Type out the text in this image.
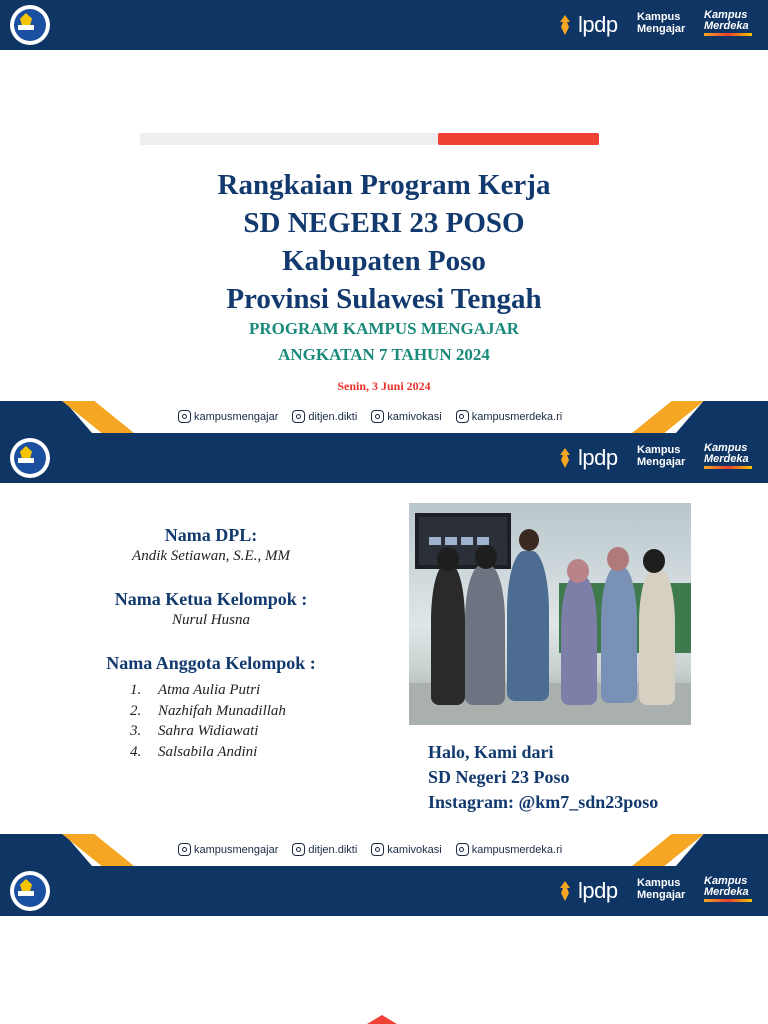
lpdp Kampus
Mengajar
Kampus
Merdeka
Rangkaian Program Kerja
SD NEGERI 23 POSO
Kabupaten Poso
Provinsi Sulawesi Tengah
PROGRAM KAMPUS MENGAJAR
ANGKATAN 7 TAHUN 2024
Senin, 3 Juni 2024
kampusmengajar	ditjen.dikti	kamivokasi	kampusmerdeka.ri
lpdp Kampus
Mengajar
Kampus
Merdeka
Nama DPL:
Andik Setiawan, S.E., MM
Nama Ketua Kelompok :
Nurul Husna
Nama Anggota Kelompok :
1.	Atma Aulia Putri
2.	Nazhifah Munadillah
3.	Sahra Widiawati
4.	Salsabila Andini	Halo, Kami dari
SD Negeri 23 Poso
Instagram: @km7_sdn23poso
kampusmengajar	ditjen.dikti	kamivokasi	kampusmerdeka.ri
lpdp Kampus
Mengajar
Kampus
Merdeka
